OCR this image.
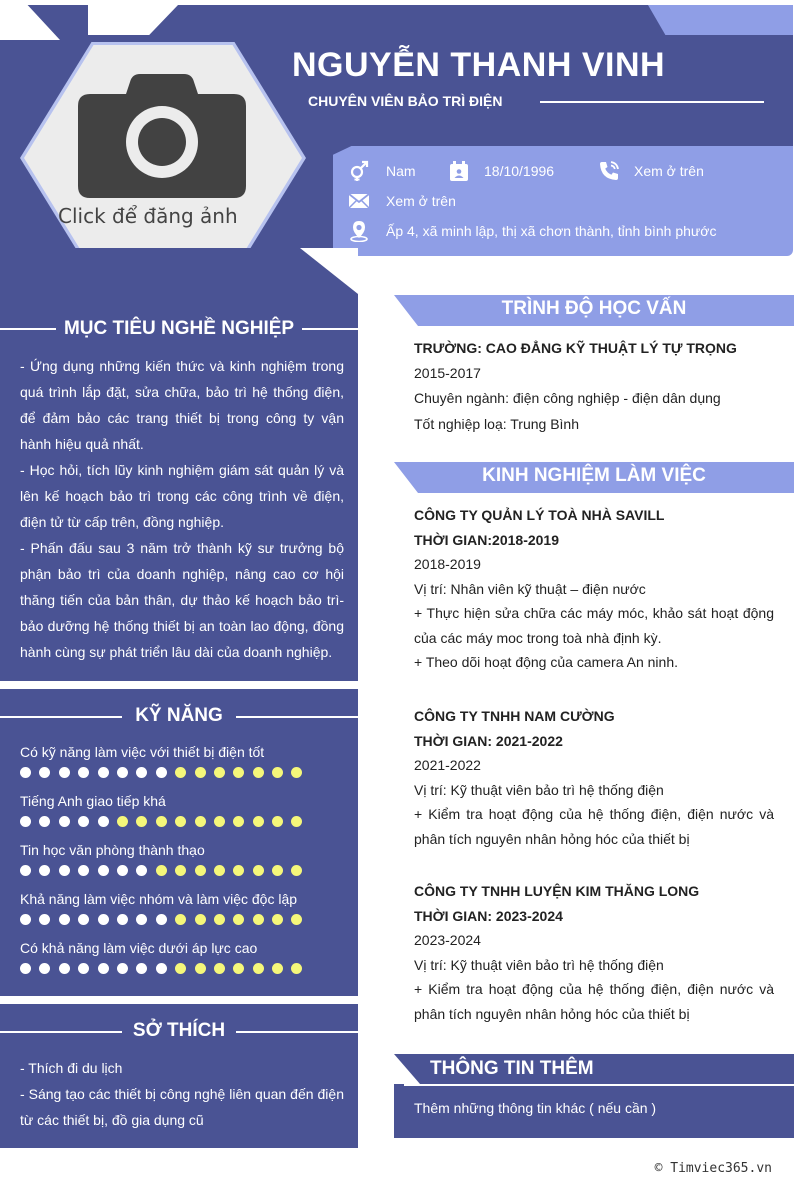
NGUYỄN THANH VINH
CHUYÊN VIÊN BẢO TRÌ ĐIỆN
Nam	18/10/1996	Xem ở trên
Xem ở trên
Ấp 4, xã minh lập, thị xã chơn thành, tỉnh bình phước
Click để đăng ảnh
MỤC TIÊU NGHỀ NGHIỆP
- Ứng dụng những kiến thức và kinh nghiệm trong quá trình lắp đặt, sửa chữa, bảo trì hệ thống điện, để đảm bảo các trang thiết bị trong công ty vận hành hiệu quả nhất.
- Học hỏi, tích lũy kinh nghiệm giám sát quản lý và lên kế hoạch bảo trì trong các công trình về điện, điện tử từ cấp trên, đồng nghiệp.
- Phấn đấu sau 3 năm trở thành kỹ sư trưởng bộ phận bảo trì của doanh nghiệp, nâng cao cơ hội thăng tiến của bản thân, dự thảo kế hoạch bảo trì- bảo dưỡng hệ thống thiết bị an toàn lao động, đồng hành cùng sự phát triển lâu dài của doanh nghiệp.
KỸ NĂNG
Có kỹ năng làm việc với thiết bị điện tốt
Tiếng Anh giao tiếp khá
Tin học văn phòng thành thạo
Khả năng làm việc nhóm và làm việc độc lập
Có khả năng làm việc dưới áp lực cao
SỞ THÍCH
- Thích đi du lịch
- Sáng tạo các thiết bị công nghệ liên quan đến điện từ các thiết bị, đồ gia dụng cũ
TRÌNH ĐỘ HỌC VẤN
TRƯỜNG: CAO ĐẲNG KỸ THUẬT LÝ TỰ TRỌNG
2015-2017
Chuyên ngành: điện công nghiệp - điện dân dụng
Tốt nghiệp loạ: Trung Bình
KINH NGHIỆM LÀM VIỆC
CÔNG TY QUẢN LÝ TOÀ NHÀ SAVILL
THỜI GIAN:2018-2019
2018-2019
Vị trí: Nhân viên kỹ thuật – điện nước
+ Thực hiện sửa chữa các máy móc, khảo sát hoạt động của các máy moc trong toà nhà định kỳ.
+ Theo dõi hoạt động của camera An ninh.
CÔNG TY TNHH NAM CƯỜNG
THỜI GIAN: 2021-2022
2021-2022
Vị trí: Kỹ thuật viên bảo trì hệ thống điện
+ Kiểm tra hoạt động của hệ thống điện, điện nước và phân tích nguyên nhân hỏng hóc của thiết bị
CÔNG TY TNHH LUYỆN KIM THĂNG LONG
THỜI GIAN: 2023-2024
2023-2024
Vị trí: Kỹ thuật viên bảo trì hệ thống điện
+ Kiểm tra hoạt động của hệ thống điện, điện nước và phân tích nguyên nhân hỏng hóc của thiết bị
THÔNG TIN THÊM
Thêm những thông tin khác ( nếu cần )
© Timviec365.vn
